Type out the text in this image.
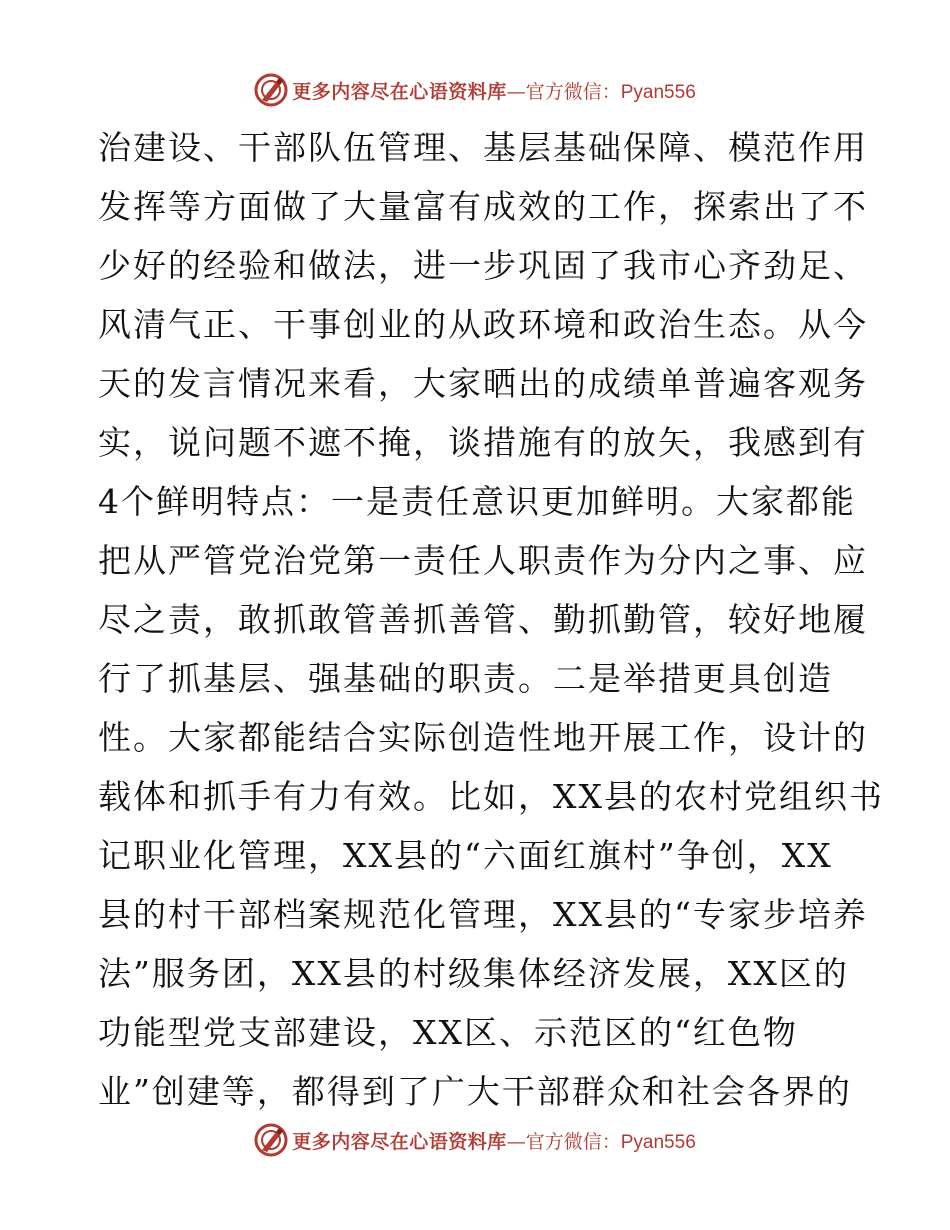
更多内容尽在心语资料库 — 官方微信： Pyan556
治建设、干部队伍管理、基层基础保障、模范作用
发挥等方面做了大量富有成效的工作，探索出了不
少好的经验和做法，进一步巩固了我市心齐劲足、
风清气正、干事创业的从政环境和政治生态。从今
天的发言情况来看，大家晒出的成绩单普遍客观务
实，说问题不遮不掩，谈措施有的放矢，我感到有
4个鲜明特点：一是责任意识更加鲜明。大家都能
把从严管党治党第一责任人职责作为分内之事、应
尽之责，敢抓敢管善抓善管、勤抓勤管，较好地履
行了抓基层、强基础的职责。二是举措更具创造
性。大家都能结合实际创造性地开展工作，设计的
载体和抓手有力有效。比如，XX县的农村党组织书
记职业化管理，XX县的“六面红旗村”争创，XX
县的村干部档案规范化管理，XX县的“专家步培养
法”服务团，XX县的村级集体经济发展，XX区的
功能型党支部建设，XX区、示范区的“红色物
业”创建等，都得到了广大干部群众和社会各界的
更多内容尽在心语资料库 — 官方微信： Pyan556
